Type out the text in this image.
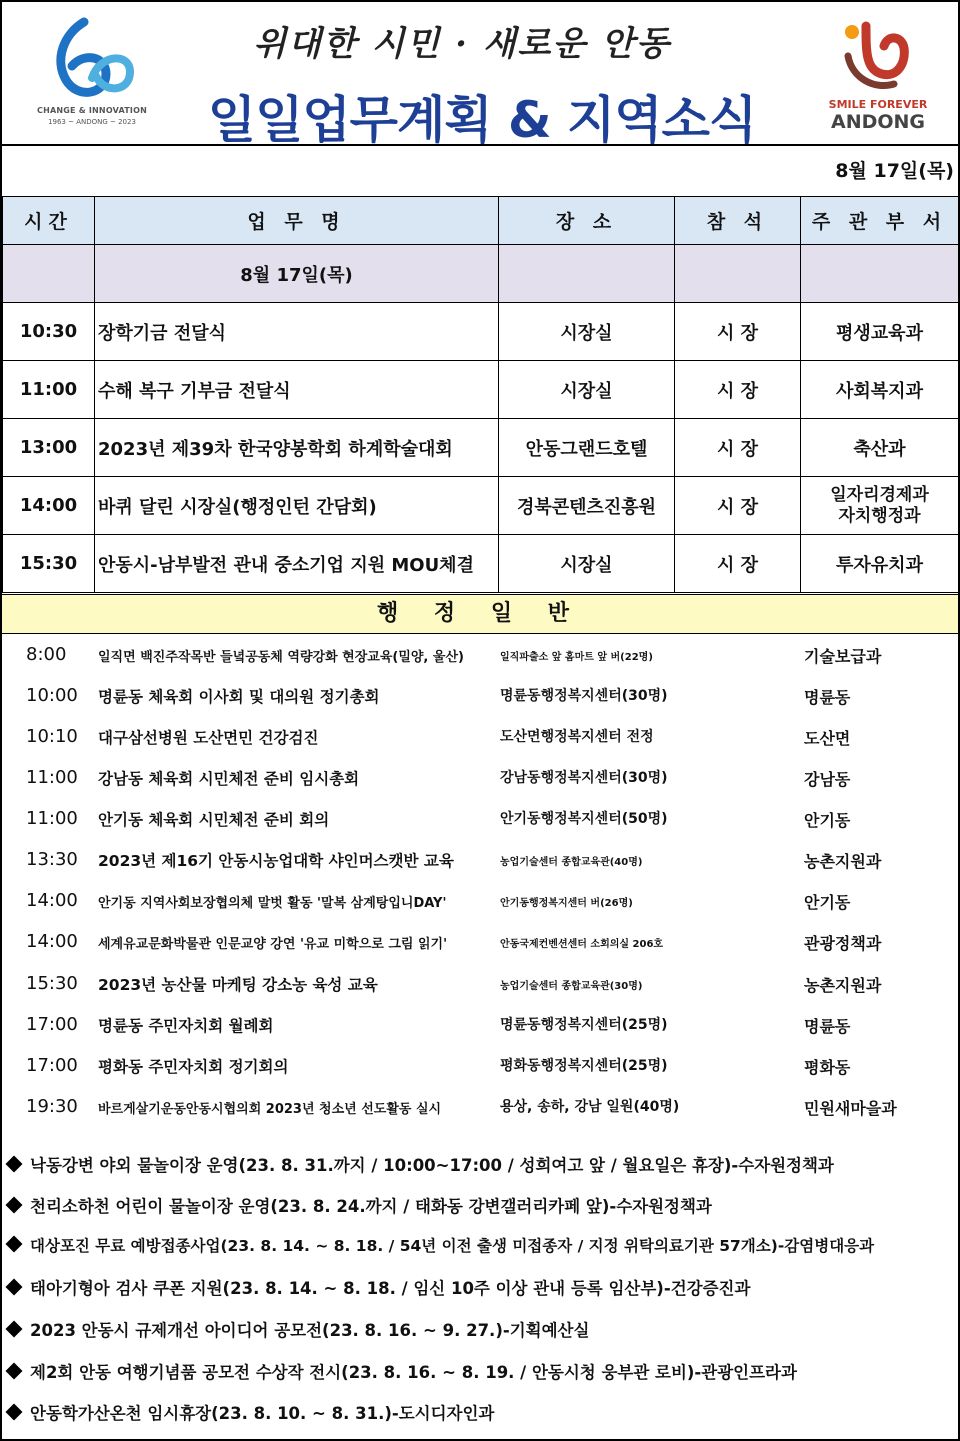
CHANGE & INNOVATION
1963 ~ ANDONG ~ 2023
위대한 시민 · 새로운 안동
일일업무계획 & 지역소식	SMILE FOREVER
ANDONG
8월 17일(목)
시간	업 무 명	장 소	참 석	주 관 부 서
	8월 17일(목)			
10:30	장학기금 전달식	시장실	시 장	평생교육과
11:00	수해 복구 기부금 전달식	시장실	시 장	사회복지과
13:00	2023년 제39차 한국양봉학회 하계학술대회	안동그랜드호텔	시 장	축산과
14:00	바퀴 달린 시장실(행정인턴 간담회)	경북콘텐츠진흥원	시 장	일자리경제과
자치행정과

15:30	안동시-남부발전 관내 중소기업 지원 MOU체결	시장실	시 장	투자유치과
행 정 일 반
8:00 일직면 백진주작목반 들녘공동체 역량강화 현장교육(밀양, 울산)	일직파출소 앞 홈마트 앞 버(22명)	기술보급과
10:00 명륜동 체육회 이사회 및 대의원 정기총회	명륜동행정복지센터(30명)	명륜동
10:10 대구삼선병원 도산면민 건강검진	도산면행정복지센터 전정	도산면
11:00 강남동 체육회 시민체전 준비 임시총회	강남동행정복지센터(30명)	강남동
11:00 안기동 체육회 시민체전 준비 회의	안기동행정복지센터(50명)	안기동
13:30 2023년 제16기 안동시농업대학 샤인머스캣반 교육	농업기술센터 종합교육관(40명)	농촌지원과
14:00 안기동 지역사회보장협의체 말벗 활동 '말복 삼계탕입니DAY'	안기동행정복지센터 버(26명)	안기동
14:00 세계유교문화박물관 인문교양 강연 '유교 미학으로 그림 읽기'	안동국제컨벤션센터 소회의실 206호	관광정책과
15:30 2023년 농산물 마케팅 강소농 육성 교육	농업기술센터 종합교육관(30명)	농촌지원과
17:00 명륜동 주민자치회 월례회	명륜동행정복지센터(25명)	명륜동
17:00 평화동 주민자치회 정기회의	평화동행정복지센터(25명)	평화동
19:30 바르게살기운동안동시협의회 2023년 청소년 선도활동 실시	용상, 송하, 강남 일원(40명)	민원새마을과
낙동강변 야외 물놀이장 운영(23. 8. 31.까지 / 10:00~17:00 / 성희여고 앞 / 월요일은 휴장)-수자원정책과
천리소하천 어린이 물놀이장 운영(23. 8. 24.까지 / 태화동 강변갤러리카페 앞)-수자원정책과
대상포진 무료 예방접종사업(23. 8. 14. ~ 8. 18. / 54년 이전 출생 미접종자 / 지정 위탁의료기관 57개소)-감염병대응과
태아기형아 검사 쿠폰 지원(23. 8. 14. ~ 8. 18. / 임신 10주 이상 관내 등록 임산부)-건강증진과
2023 안동시 규제개선 아이디어 공모전(23. 8. 16. ~ 9. 27.)-기획예산실
제2회 안동 여행기념품 공모전 수상작 전시(23. 8. 16. ~ 8. 19. / 안동시청 웅부관 로비)-관광인프라과
안동학가산온천 임시휴장(23. 8. 10. ~ 8. 31.)-도시디자인과
